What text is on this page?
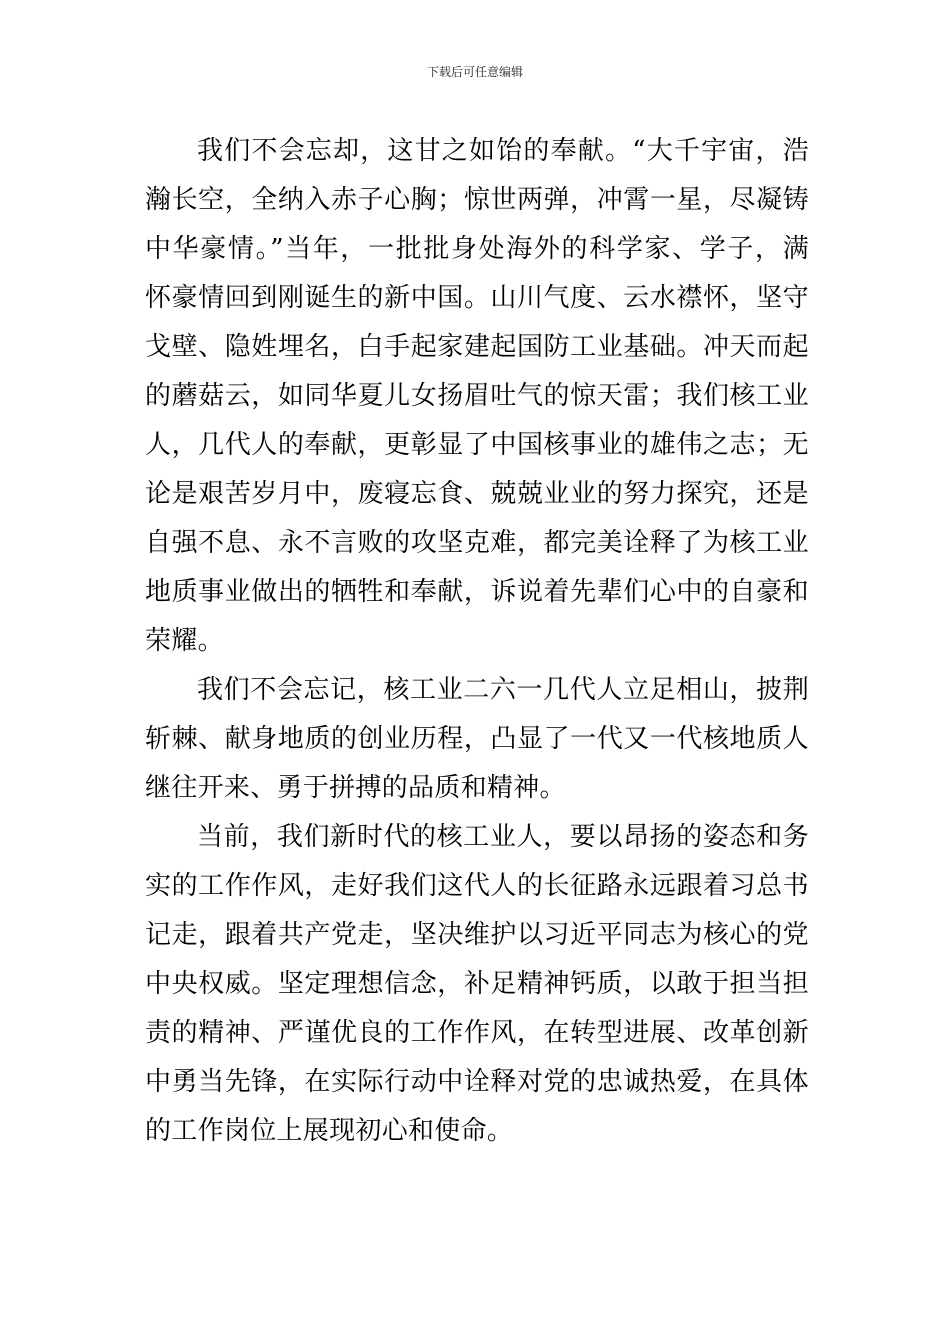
下载后可任意编辑

我们不会忘却，这甘之如饴的奉献。“大千宇宙，浩
瀚长空，全纳入赤子心胸；惊世两弹，冲霄一星，尽凝铸
中华豪情。”当年，一批批身处海外的科学家、学子，满
怀豪情回到刚诞生的新中国。山川气度、云水襟怀，坚守
戈壁、隐姓埋名，白手起家建起国防工业基础。冲天而起
的蘑菇云，如同华夏儿女扬眉吐气的惊天雷；我们核工业
人，几代人的奉献，更彰显了中国核事业的雄伟之志；无
论是艰苦岁月中，废寝忘食、兢兢业业的努力探究，还是
自强不息、永不言败的攻坚克难，都完美诠释了为核工业
地质事业做出的牺牲和奉献，诉说着先辈们心中的自豪和
荣耀。

我们不会忘记，核工业二六一几代人立足相山，披荆
斩棘、献身地质的创业历程，凸显了一代又一代核地质人
继往开来、勇于拼搏的品质和精神。

当前，我们新时代的核工业人，要以昂扬的姿态和务
实的工作作风，走好我们这代人的长征路永远跟着习总书
记走，跟着共产党走，坚决维护以习近平同志为核心的党
中央权威。坚定理想信念，补足精神钙质，以敢于担当担
责的精神、严谨优良的工作作风，在转型进展、改革创新
中勇当先锋，在实际行动中诠释对党的忠诚热爱，在具体
的工作岗位上展现初心和使命。
